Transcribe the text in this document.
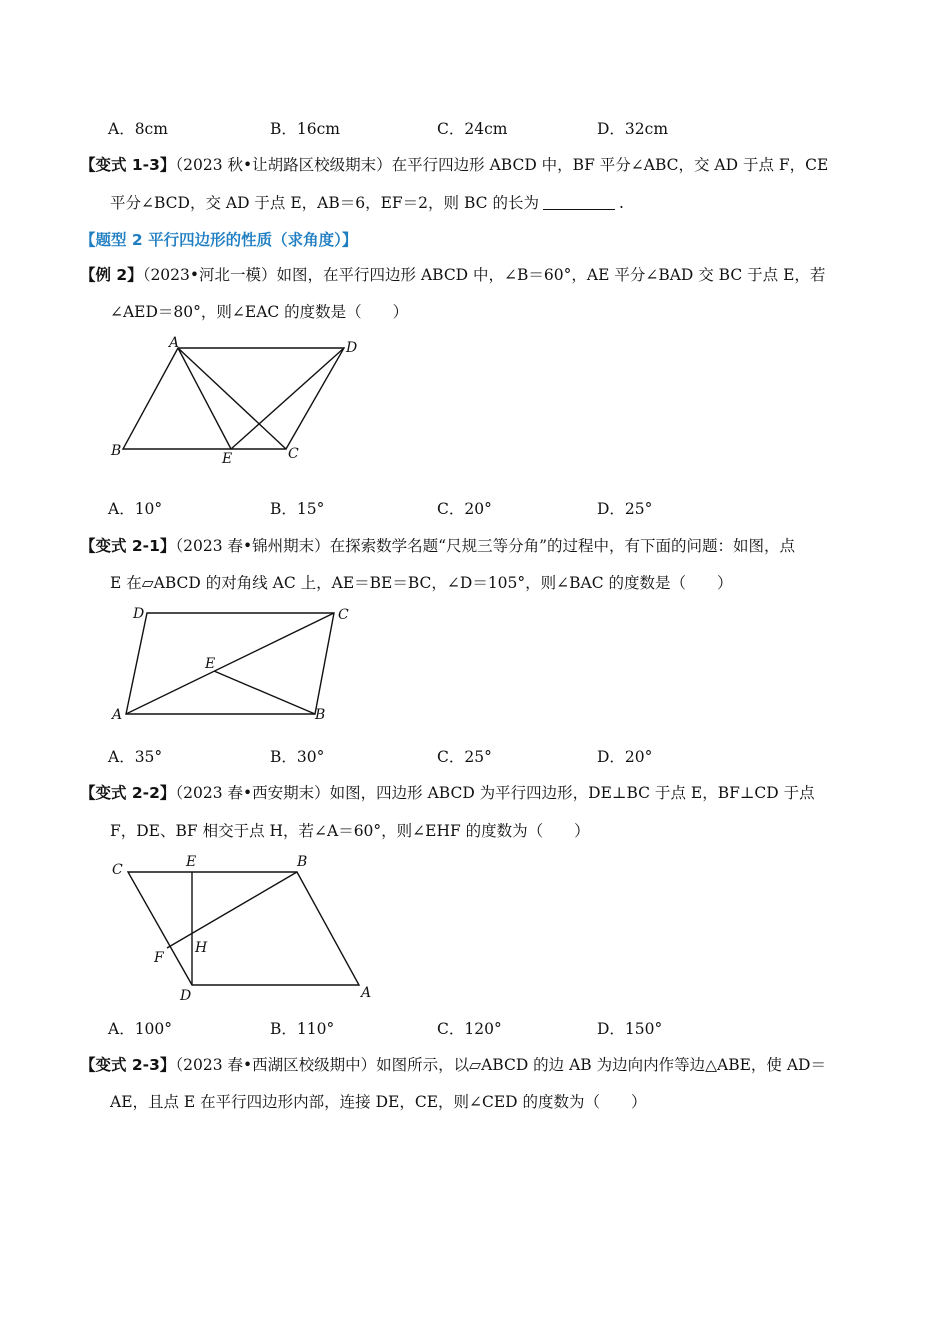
A．8cm	B．16cm	C．24cm	D．32cm
【变式 1-3】（2023 秋•让胡路区校级期末）在平行四边形 ABCD 中，BF 平分∠ABC，交 AD 于点 F，CE
平分∠BCD，交 AD 于点 E，AB＝6，EF＝2，则 BC 的长为	.
【题型 2 平行四边形的性质（求角度）】
【例 2】（2023•河北一模）如图，在平行四边形 ABCD 中，∠B＝60°，AE 平分∠BAD 交 BC 于点 E，若
∠AED＝80°，则∠EAC 的度数是（　　）
A	D
B	E	C
A．10°	B．15°	C．20°	D．25°
【变式 2-1】（2023 春•锦州期末）在探索数学名题“尺规三等分角”的过程中，有下面的问题：如图，点
E 在▱ABCD 的对角线 AC 上，AE＝BE＝BC，∠D＝105°，则∠BAC 的度数是（　　）
D	C
E
A	B
A．35°	B．30°	C．25°	D．20°
【变式 2-2】（2023 春•西安期末）如图，四边形 ABCD 为平行四边形，DE⊥BC 于点 E，BF⊥CD 于点
F，DE、BF 相交于点 H，若∠A＝60°，则∠EHF 的度数为（　　）
C	E	B
H
F
D	A
A．100°	B．110°	C．120°	D．150°
【变式 2-3】（2023 春•西湖区校级期中）如图所示，以▱ABCD 的边 AB 为边向内作等边△ABE，使 AD＝
AE，且点 E 在平行四边形内部，连接 DE，CE，则∠CED 的度数为（　　）
